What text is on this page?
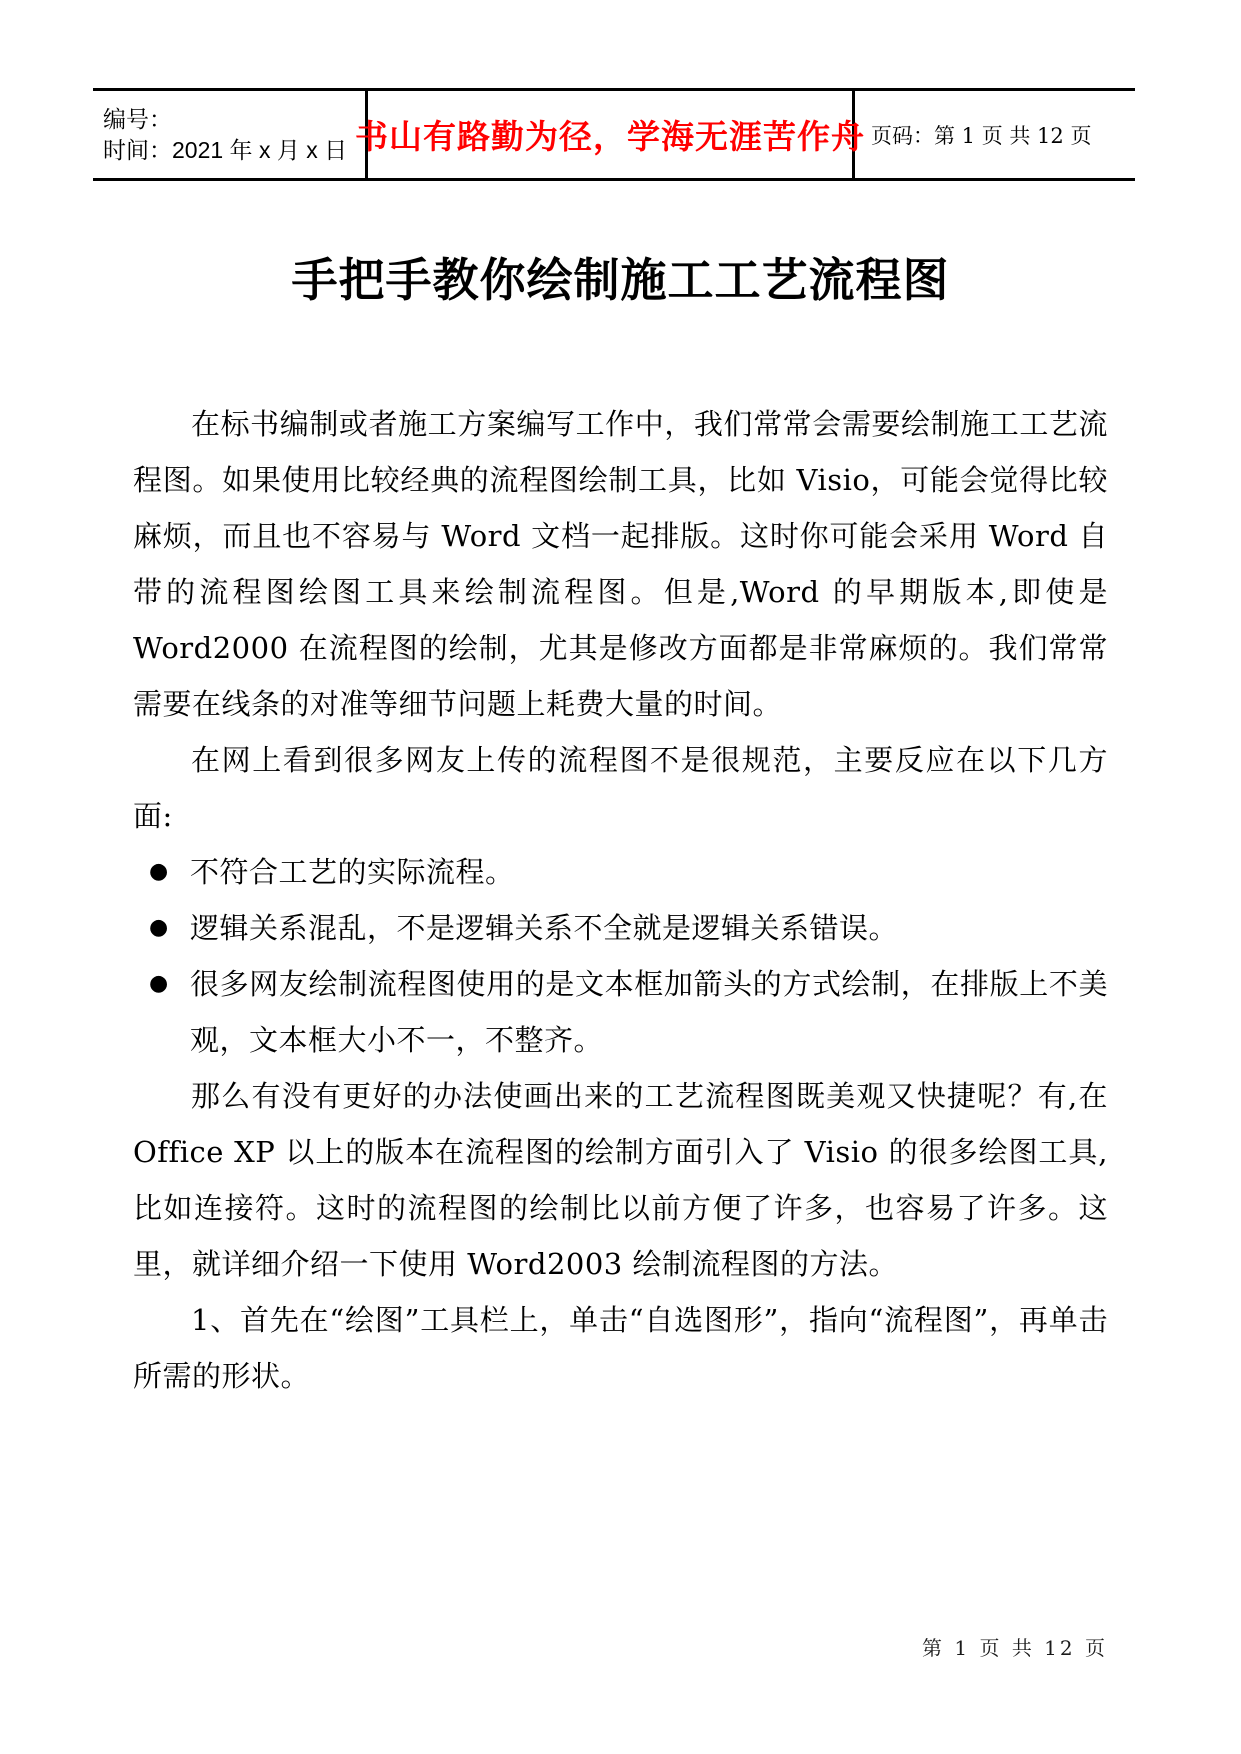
编号：
时间：2021 年 x 月 x 日 书山有路勤为径，学海无涯苦作舟 页码：第 1 页 共 12 页
手把手教你绘制施工工艺流程图

在标书编制或者施工方案编写工作中，我们常常会需要绘制施工工艺流程图。如果使用比较经典的流程图绘制工具，比如 Visio，可能会觉得比较麻烦，而且也不容易与 Word 文档一起排版。这时你可能会采用 Word 自带的流程图绘图工具来绘制流程图。但是,Word 的早期版本,即使是 Word2000 在流程图的绘制，尤其是修改方面都是非常麻烦的。我们常常需要在线条的对准等细节问题上耗费大量的时间。

在网上看到很多网友上传的流程图不是很规范，主要反应在以下几方面:

● 不符合工艺的实际流程。

● 逻辑关系混乱，不是逻辑关系不全就是逻辑关系错误。

● 很多网友绘制流程图使用的是文本框加箭头的方式绘制，在排版上不美观，文本框大小不一，不整齐。

那么有没有更好的办法使画出来的工艺流程图既美观又快捷呢？有,在 Office XP 以上的版本在流程图的绘制方面引入了 Visio 的很多绘图工具,比如连接符。这时的流程图的绘制比以前方便了许多，也容易了许多。这里，就详细介绍一下使用 Word2003 绘制流程图的方法。

1、首先在“绘图”工具栏上，单击“自选图形”，指向“流程图”，再单击所需的形状。

第 1 页 共 12 页
